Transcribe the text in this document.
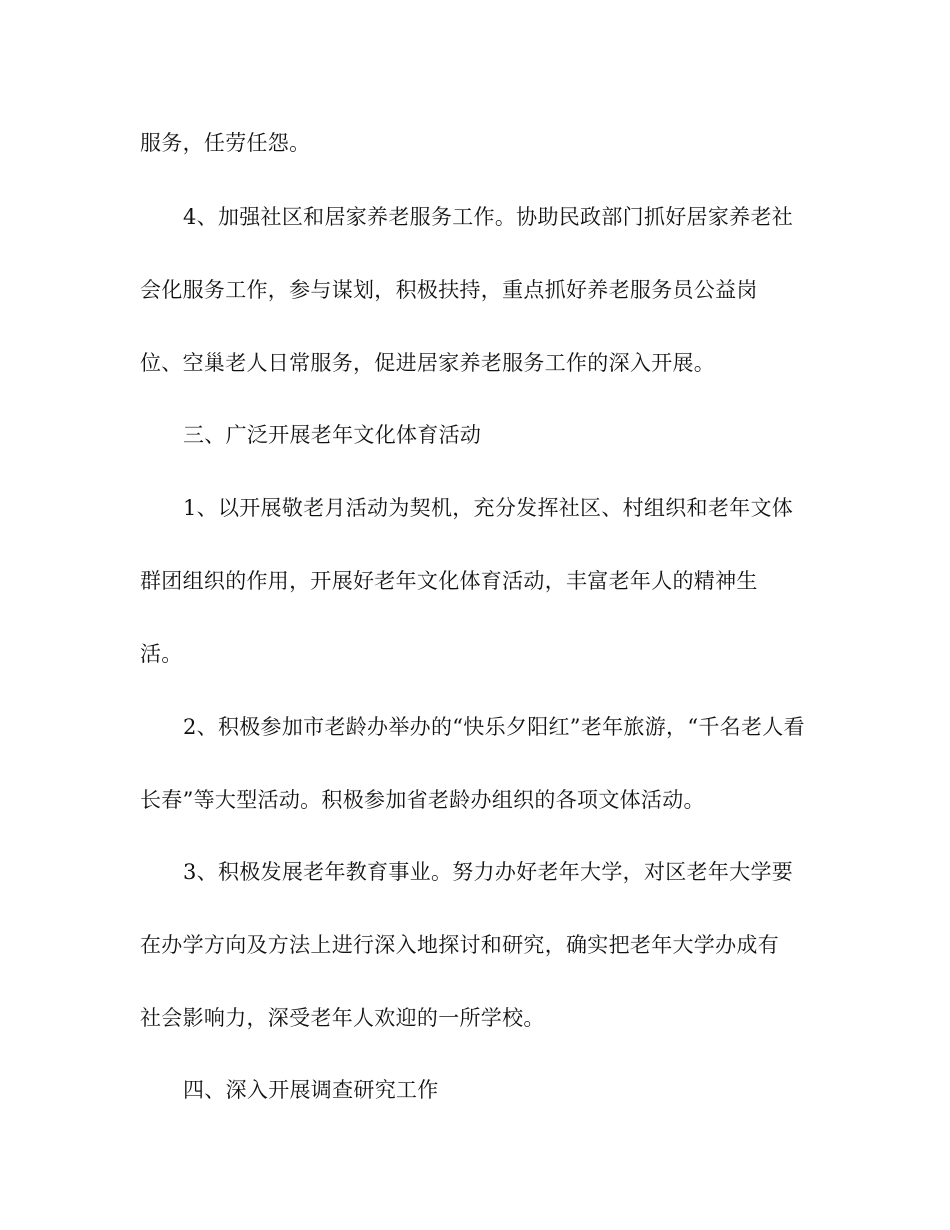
服务，任劳任怨。
4、加强社区和居家养老服务工作。协助民政部门抓好居家养老社
会化服务工作，参与谋划，积极扶持，重点抓好养老服务员公益岗
位、空巢老人日常服务，促进居家养老服务工作的深入开展。
三、广泛开展老年文化体育活动
1、以开展敬老月活动为契机，充分发挥社区、村组织和老年文体
群团组织的作用，开展好老年文化体育活动，丰富老年人的精神生
活。
2、积极参加市老龄办举办的“快乐夕阳红”老年旅游，“千名老人看
长春”等大型活动。积极参加省老龄办组织的各项文体活动。
3、积极发展老年教育事业。努力办好老年大学，对区老年大学要
在办学方向及方法上进行深入地探讨和研究，确实把老年大学办成有
社会影响力，深受老年人欢迎的一所学校。
四、深入开展调查研究工作
